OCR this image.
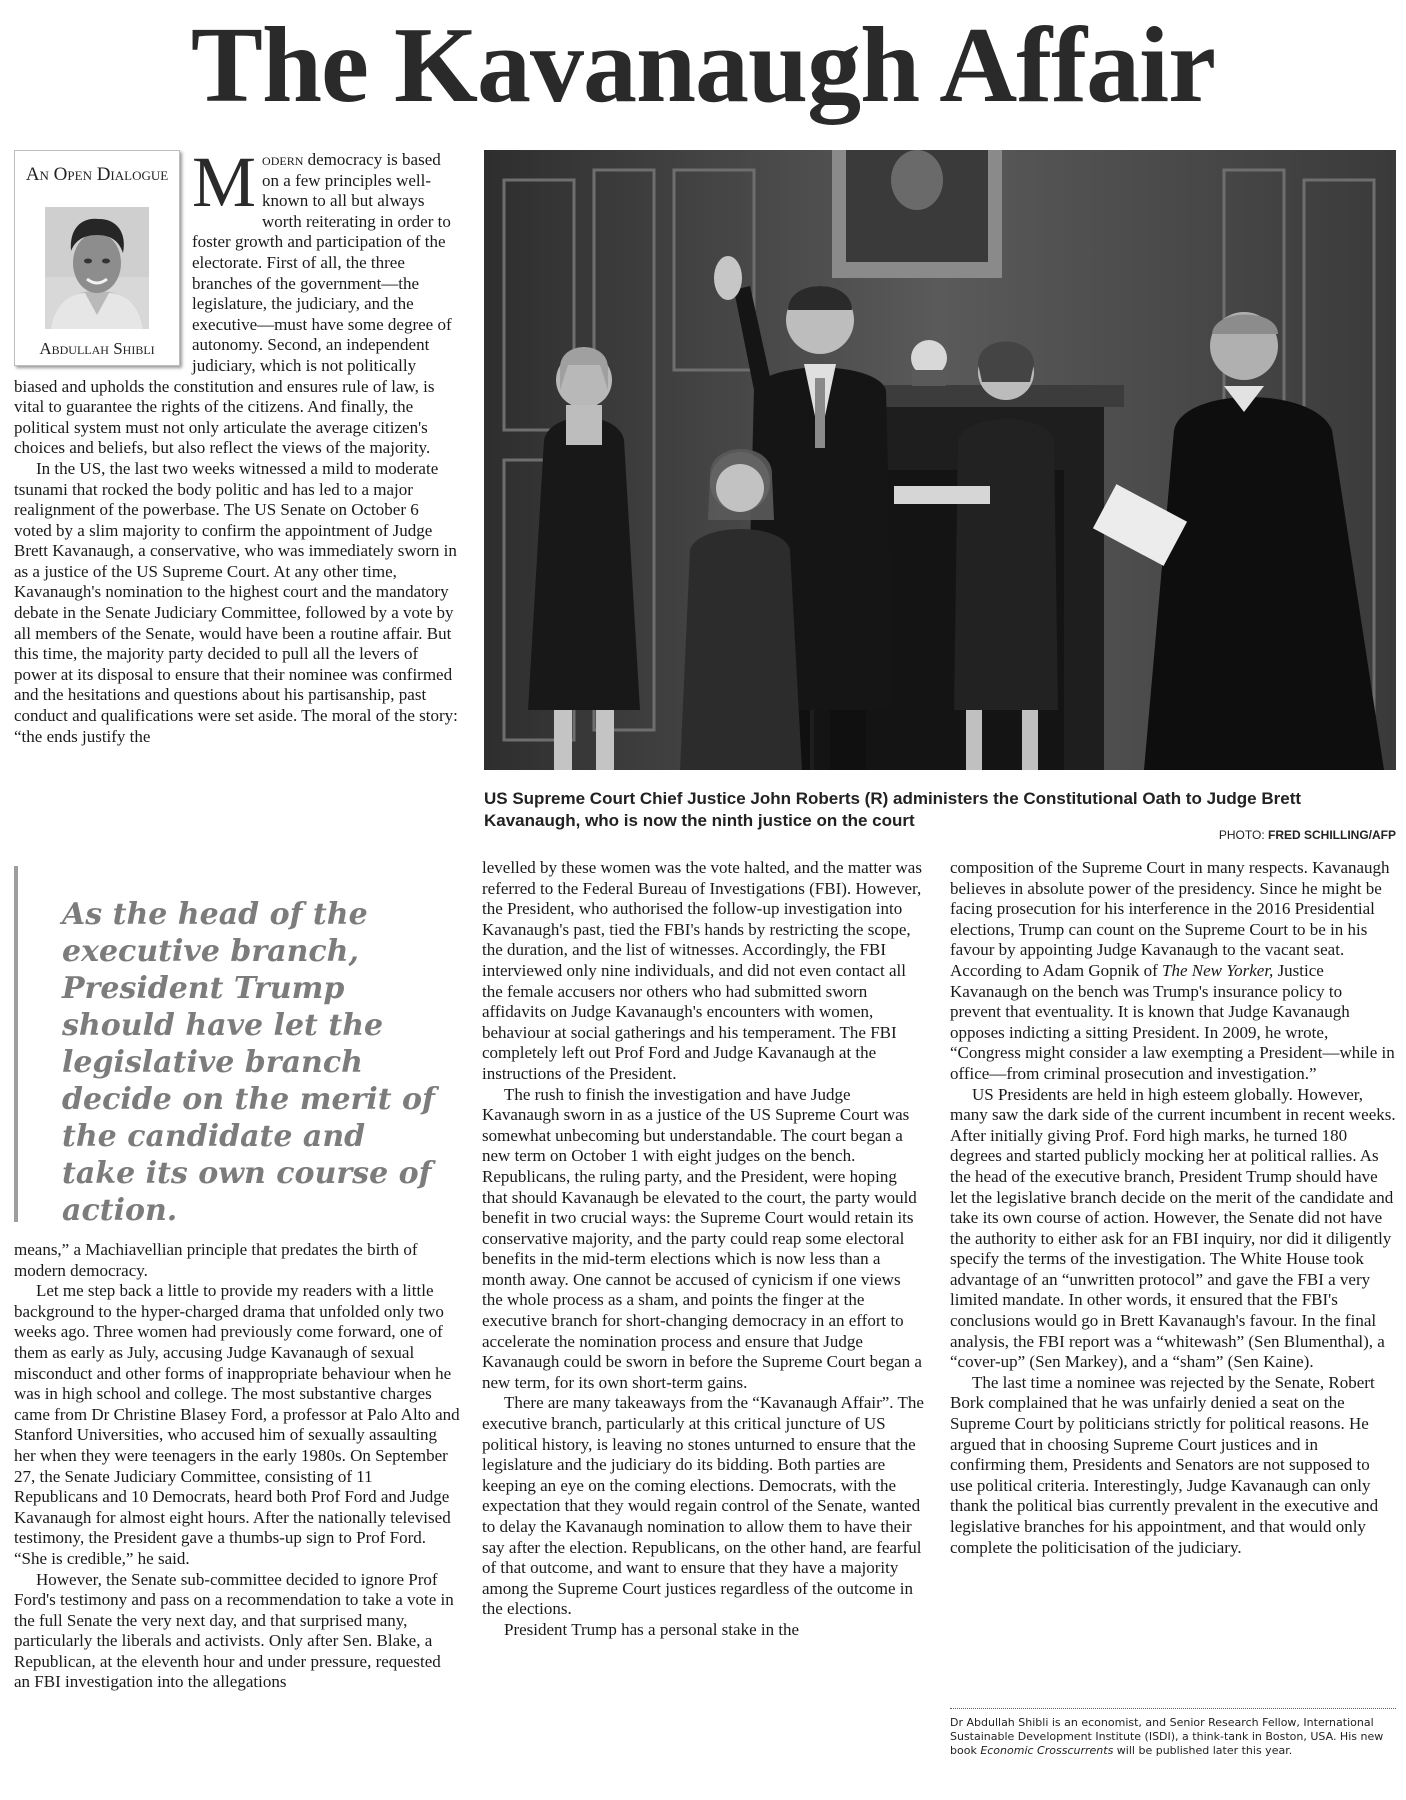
The Kavanaugh Affair
An Open Dialogue
Abdullah Shibli

Modern democracy is based on a few principles well-known to all but always worth reiterating in order to foster growth and participation of the electorate. First of all, the three branches of the government—the legislature, the judiciary, and the executive—must have some degree of autonomy. Second, an independent judiciary, which is not politically biased and upholds the constitution and ensures rule of law, is vital to guarantee the rights of the citizens. And finally, the political system must not only articulate the average citizen's choices and beliefs, but also reflect the views of the majority.

In the US, the last two weeks witnessed a mild to moderate tsunami that rocked the body politic and has led to a major realignment of the powerbase. The US Senate on October 6 voted by a slim majority to confirm the appointment of Judge Brett Kavanaugh, a conservative, who was immediately sworn in as a justice of the US Supreme Court. At any other time, Kavanaugh's nomination to the highest court and the mandatory debate in the Senate Judiciary Committee, followed by a vote by all members of the Senate, would have been a routine affair. But this time, the majority party decided to pull all the levers of power at its disposal to ensure that their nominee was confirmed and the hesitations and questions about his partisanship, past conduct and qualifications were set aside. The moral of the story: “the ends justify the

US Supreme Court Chief Justice John Roberts (R) administers the Constitutional Oath to Judge Brett Kavanaugh, who is now the ninth justice on the court
PHOTO: FRED SCHILLING/AFP
As the head of the executive branch, President Trump should have let the legislative branch decide on the merit of the candidate and take its own course of action.

means,” a Machiavellian principle that predates the birth of modern democracy.

Let me step back a little to provide my readers with a little background to the hyper-charged drama that unfolded only two weeks ago. Three women had previously come forward, one of them as early as July, accusing Judge Kavanaugh of sexual misconduct and other forms of inappropriate behaviour when he was in high school and college. The most substantive charges came from Dr Christine Blasey Ford, a professor at Palo Alto and Stanford Universities, who accused him of sexually assaulting her when they were teenagers in the early 1980s. On September 27, the Senate Judiciary Committee, consisting of 11 Republicans and 10 Democrats, heard both Prof Ford and Judge Kavanaugh for almost eight hours. After the nationally televised testimony, the President gave a thumbs-up sign to Prof Ford. “She is credible,” he said.

However, the Senate sub-committee decided to ignore Prof Ford's testimony and pass on a recommendation to take a vote in the full Senate the very next day, and that surprised many, particularly the liberals and activists. Only after Sen. Blake, a Republican, at the eleventh hour and under pressure, requested an FBI investigation into the allegations

levelled by these women was the vote halted, and the matter was referred to the Federal Bureau of Investigations (FBI). However, the President, who authorised the follow-up investigation into Kavanaugh's past, tied the FBI's hands by restricting the scope, the duration, and the list of witnesses. Accordingly, the FBI interviewed only nine individuals, and did not even contact all the female accusers nor others who had submitted sworn affidavits on Judge Kavanaugh's encounters with women, behaviour at social gatherings and his temperament. The FBI completely left out Prof Ford and Judge Kavanaugh at the instructions of the President.

The rush to finish the investigation and have Judge Kavanaugh sworn in as a justice of the US Supreme Court was somewhat unbecoming but understandable. The court began a new term on October 1 with eight judges on the bench. Republicans, the ruling party, and the President, were hoping that should Kavanaugh be elevated to the court, the party would benefit in two crucial ways: the Supreme Court would retain its conservative majority, and the party could reap some electoral benefits in the mid-term elections which is now less than a month away. One cannot be accused of cynicism if one views the whole process as a sham, and points the finger at the executive branch for short-changing democracy in an effort to accelerate the nomination process and ensure that Judge Kavanaugh could be sworn in before the Supreme Court began a new term, for its own short-term gains.

There are many takeaways from the “Kavanaugh Affair”. The executive branch, particularly at this critical juncture of US political history, is leaving no stones unturned to ensure that the legislature and the judiciary do its bidding. Both parties are keeping an eye on the coming elections. Democrats, with the expectation that they would regain control of the Senate, wanted to delay the Kavanaugh nomination to allow them to have their say after the election. Republicans, on the other hand, are fearful of that outcome, and want to ensure that they have a majority among the Supreme Court justices regardless of the outcome in the elections.

President Trump has a personal stake in the

composition of the Supreme Court in many respects. Kavanaugh believes in absolute power of the presidency. Since he might be facing prosecution for his interference in the 2016 Presidential elections, Trump can count on the Supreme Court to be in his favour by appointing Judge Kavanaugh to the vacant seat. According to Adam Gopnik of The New Yorker, Justice Kavanaugh on the bench was Trump's insurance policy to prevent that eventuality. It is known that Judge Kavanaugh opposes indicting a sitting President. In 2009, he wrote, “Congress might consider a law exempting a President—while in office—from criminal prosecution and investigation.”

US Presidents are held in high esteem globally. However, many saw the dark side of the current incumbent in recent weeks. After initially giving Prof. Ford high marks, he turned 180 degrees and started publicly mocking her at political rallies. As the head of the executive branch, President Trump should have let the legislative branch decide on the merit of the candidate and take its own course of action. However, the Senate did not have the authority to either ask for an FBI inquiry, nor did it diligently specify the terms of the investigation. The White House took advantage of an “unwritten protocol” and gave the FBI a very limited mandate. In other words, it ensured that the FBI's conclusions would go in Brett Kavanaugh's favour. In the final analysis, the FBI report was a “whitewash” (Sen Blumenthal), a “cover-up” (Sen Markey), and a “sham” (Sen Kaine).

The last time a nominee was rejected by the Senate, Robert Bork complained that he was unfairly denied a seat on the Supreme Court by politicians strictly for political reasons. He argued that in choosing Supreme Court justices and in confirming them, Presidents and Senators are not supposed to use political criteria. Interestingly, Judge Kavanaugh can only thank the political bias currently prevalent in the executive and legislative branches for his appointment, and that would only complete the politicisation of the judiciary.

Dr Abdullah Shibli is an economist, and Senior Research Fellow, International Sustainable Development Institute (ISDI), a think-tank in Boston, USA. His new book Economic Crosscurrents will be published later this year.
